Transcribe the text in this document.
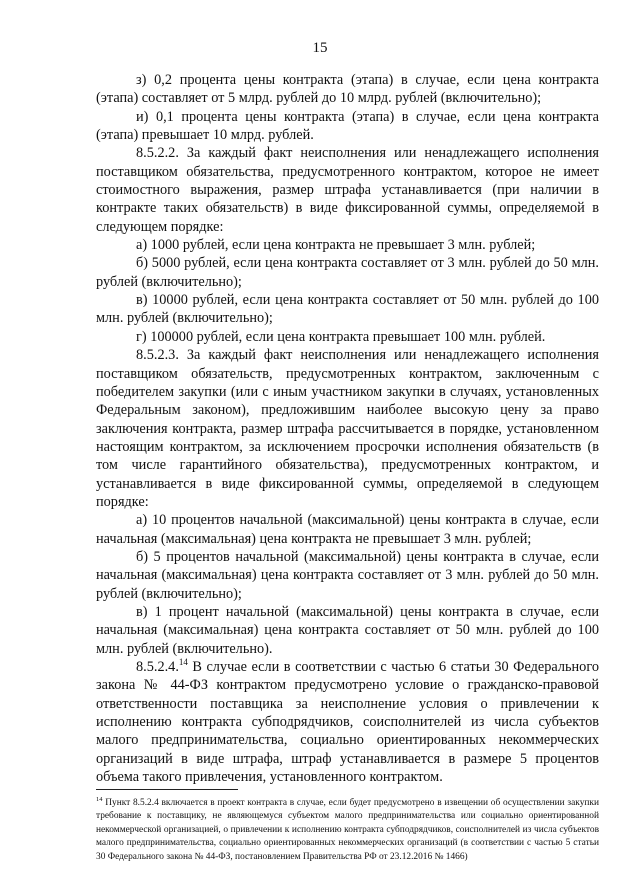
15

з) 0,2 процента цены контракта (этапа) в случае, если цена контракта (этапа) составляет от 5 млрд. рублей до 10 млрд. рублей (включительно);

и) 0,1 процента цены контракта (этапа) в случае, если цена контракта (этапа) превышает 10 млрд. рублей.

8.5.2.2. За каждый факт неисполнения или ненадлежащего исполнения поставщиком обязательства, предусмотренного контрактом, которое не имеет стоимостного выражения, размер штрафа устанавливается (при наличии в контракте таких обязательств) в виде фиксированной суммы, определяемой в следующем порядке:

а) 1000 рублей, если цена контракта не превышает 3 млн. рублей;

б) 5000 рублей, если цена контракта составляет от 3 млн. рублей до 50 млн. рублей (включительно);

в) 10000 рублей, если цена контракта составляет от 50 млн. рублей до 100 млн. рублей (включительно);

г) 100000 рублей, если цена контракта превышает 100 млн. рублей.

8.5.2.3. За каждый факт неисполнения или ненадлежащего исполнения поставщиком обязательств, предусмотренных контрактом, заключенным с победителем закупки (или с иным участником закупки в случаях, установленных Федеральным законом), предложившим наиболее высокую цену за право заключения контракта, размер штрафа рассчитывается в порядке, установленном настоящим контрактом, за исключением просрочки исполнения обязательств (в том числе гарантийного обязательства), предусмотренных контрактом, и устанавливается в виде фиксированной суммы, определяемой в следующем порядке:

а) 10 процентов начальной (максимальной) цены контракта в случае, если начальная (максимальная) цена контракта не превышает 3 млн. рублей;

б) 5 процентов начальной (максимальной) цены контракта в случае, если начальная (максимальная) цена контракта составляет от 3 млн. рублей до 50 млн. рублей (включительно);

в) 1 процент начальной (максимальной) цены контракта в случае, если начальная (максимальная) цена контракта составляет от 50 млн. рублей до 100 млн. рублей (включительно).

8.5.2.4.14 В случае если в соответствии с частью 6 статьи 30 Федерального закона № 44-ФЗ контрактом предусмотрено условие о гражданско-правовой ответственности поставщика за неисполнение условия о привлечении к исполнению контракта субподрядчиков, соисполнителей из числа субъектов малого предпринимательства, социально ориентированных некоммерческих организаций в виде штрафа, штраф устанавливается в размере 5 процентов объема такого привлечения, установленного контрактом.

$^{14}$ Пункт 8.5.2.4 включается в проект контракта в случае, если будет предусмотрено в извещении об осуществлении закупки требование к поставщику, не являющемуся субъектом малого предпринимательства или социально ориентированной некоммерческой организацией, о привлечении к исполнению контракта субподрядчиков, соисполнителей из числа субъектов малого предпринимательства, социально ориентированных некоммерческих организаций (в соответствии с частью 5 статьи 30 Федерального закона № 44-ФЗ, постановлением Правительства РФ от 23.12.2016 № 1466)
